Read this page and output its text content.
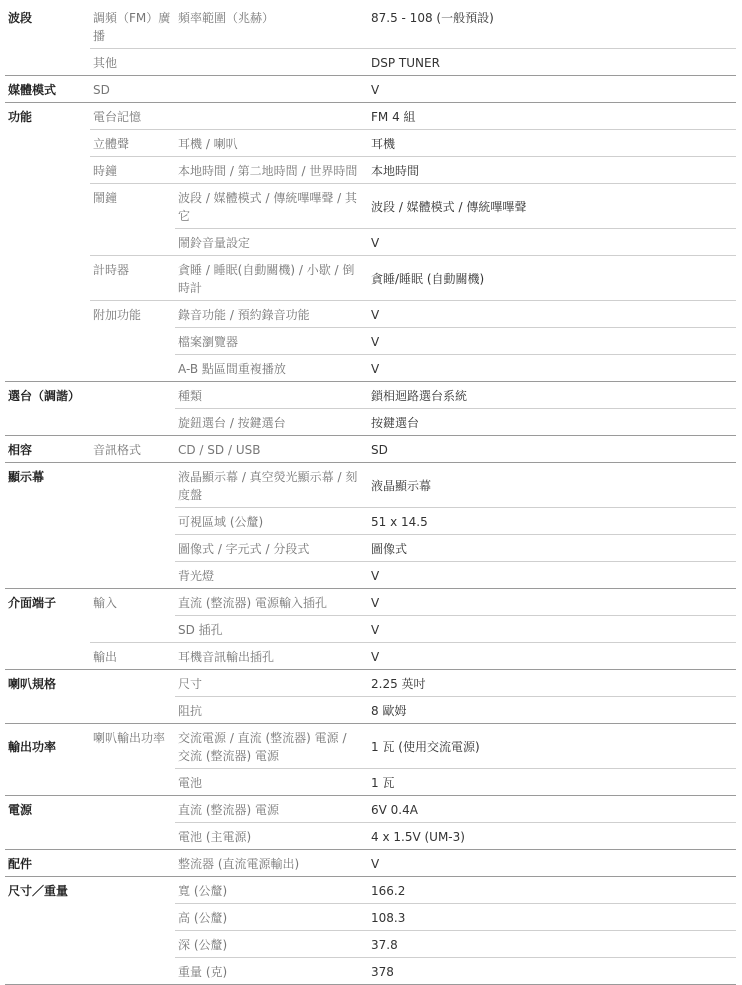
波段	調頻（FM）廣播	頻率範圍（兆赫）	87.5 - 108 (一般預設)
	其他		DSP TUNER
媒體模式	SD		V
功能	電台記憶		FM 4 組
	立體聲	耳機 / 喇叭	耳機
	時鐘	本地時間 / 第二地時間 / 世界時間	本地時間
	鬧鐘	波段 / 媒體模式 / 傳統嗶嗶聲 / 其它	波段 / 媒體模式 / 傳統嗶嗶聲
		鬧鈴音量設定	V
	計時器	貪睡 / 睡眠(自動關機) / 小歇 / 倒時計	貪睡/睡眠 (自動關機)
	附加功能	錄音功能 / 預約錄音功能	V
		檔案瀏覽器	V
		A-B 點區間重複播放	V
選台（調諧）		種類	鎖相迴路選台系統
		旋鈕選台 / 按鍵選台	按鍵選台
相容	音訊格式	CD / SD / USB	SD
顯示幕		液晶顯示幕 / 真空熒光顯示幕 / 刻度盤	液晶顯示幕
		可視區域 (公釐)	51 x 14.5
		圖像式 / 字元式 / 分段式	圖像式
		背光燈	V
介面端子	輸入	直流 (整流器) 電源輸入插孔	V
		SD 插孔	V
	輸出	耳機音訊輸出插孔	V
喇叭規格		尺寸	2.25 英吋
		阻抗	8 歐姆
輸出功率	喇叭輸出功率	交流電源 / 直流 (整流器) 電源 / 交流 (整流器) 電源	1 瓦 (使用交流電源)
		電池	1 瓦
電源		直流 (整流器) 電源	6V 0.4A
		電池 (主電源)	4 x 1.5V (UM-3)
配件		整流器 (直流電源輸出)	V
尺寸／重量		寬 (公釐)	166.2
		高 (公釐)	108.3
		深 (公釐)	37.8
		重量 (克)	378
